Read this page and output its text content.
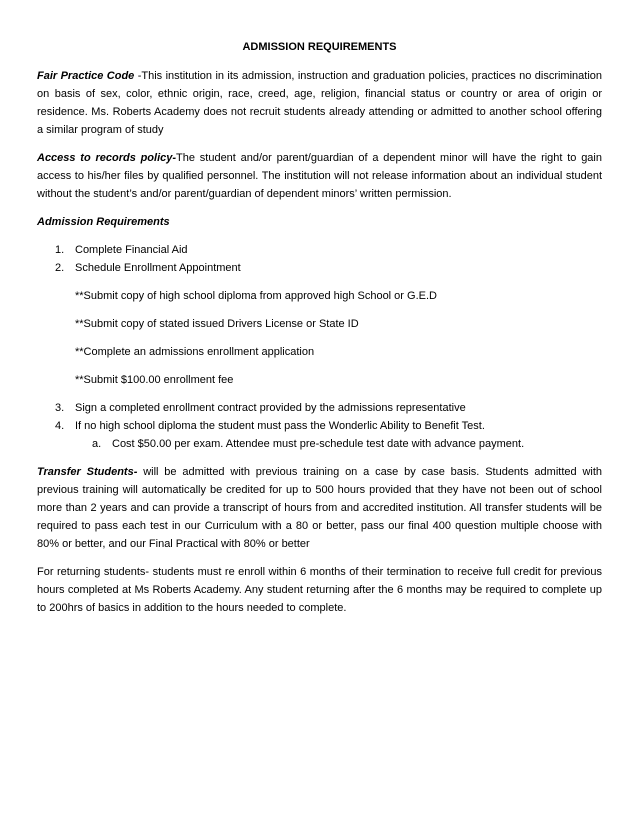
ADMISSION REQUIREMENTS

Fair Practice Code -This institution in its admission, instruction and graduation policies, practices no discrimination on basis of sex, color, ethnic origin, race, creed, age, religion, financial status or country or area of origin or residence. Ms. Roberts Academy does not recruit students already attending or admitted to another school offering a similar program of study

Access to records policy-The student and/or parent/guardian of a dependent minor will have the right to gain access to his/her files by qualified personnel. The institution will not release information about an individual student without the student’s and/or parent/guardian of dependent minors’ written permission.

Admission Requirements
1. Complete Financial Aid
2. Schedule Enrollment Appointment
**Submit copy of high school diploma from approved high School or G.E.D
**Submit copy of stated issued Drivers License or State ID
**Complete an admissions enrollment application
**Submit $100.00 enrollment fee
3. Sign a completed enrollment contract provided by the admissions representative
4. If no high school diploma the student must pass the Wonderlic Ability to Benefit Test.
a. Cost $50.00 per exam. Attendee must pre-schedule test date with advance payment.

Transfer Students- will be admitted with previous training on a case by case basis. Students admitted with previous training will automatically be credited for up to 500 hours provided that they have not been out of school more than 2 years and can provide a transcript of hours from and accredited institution. All transfer students will be required to pass each test in our Curriculum with a 80 or better, pass our final 400 question multiple choose with 80% or better, and our Final Practical with 80% or better

For returning students- students must re enroll within 6 months of their termination to receive full credit for previous hours completed at Ms Roberts Academy. Any student returning after the 6 months may be required to complete up to 200hrs of basics in addition to the hours needed to complete.
